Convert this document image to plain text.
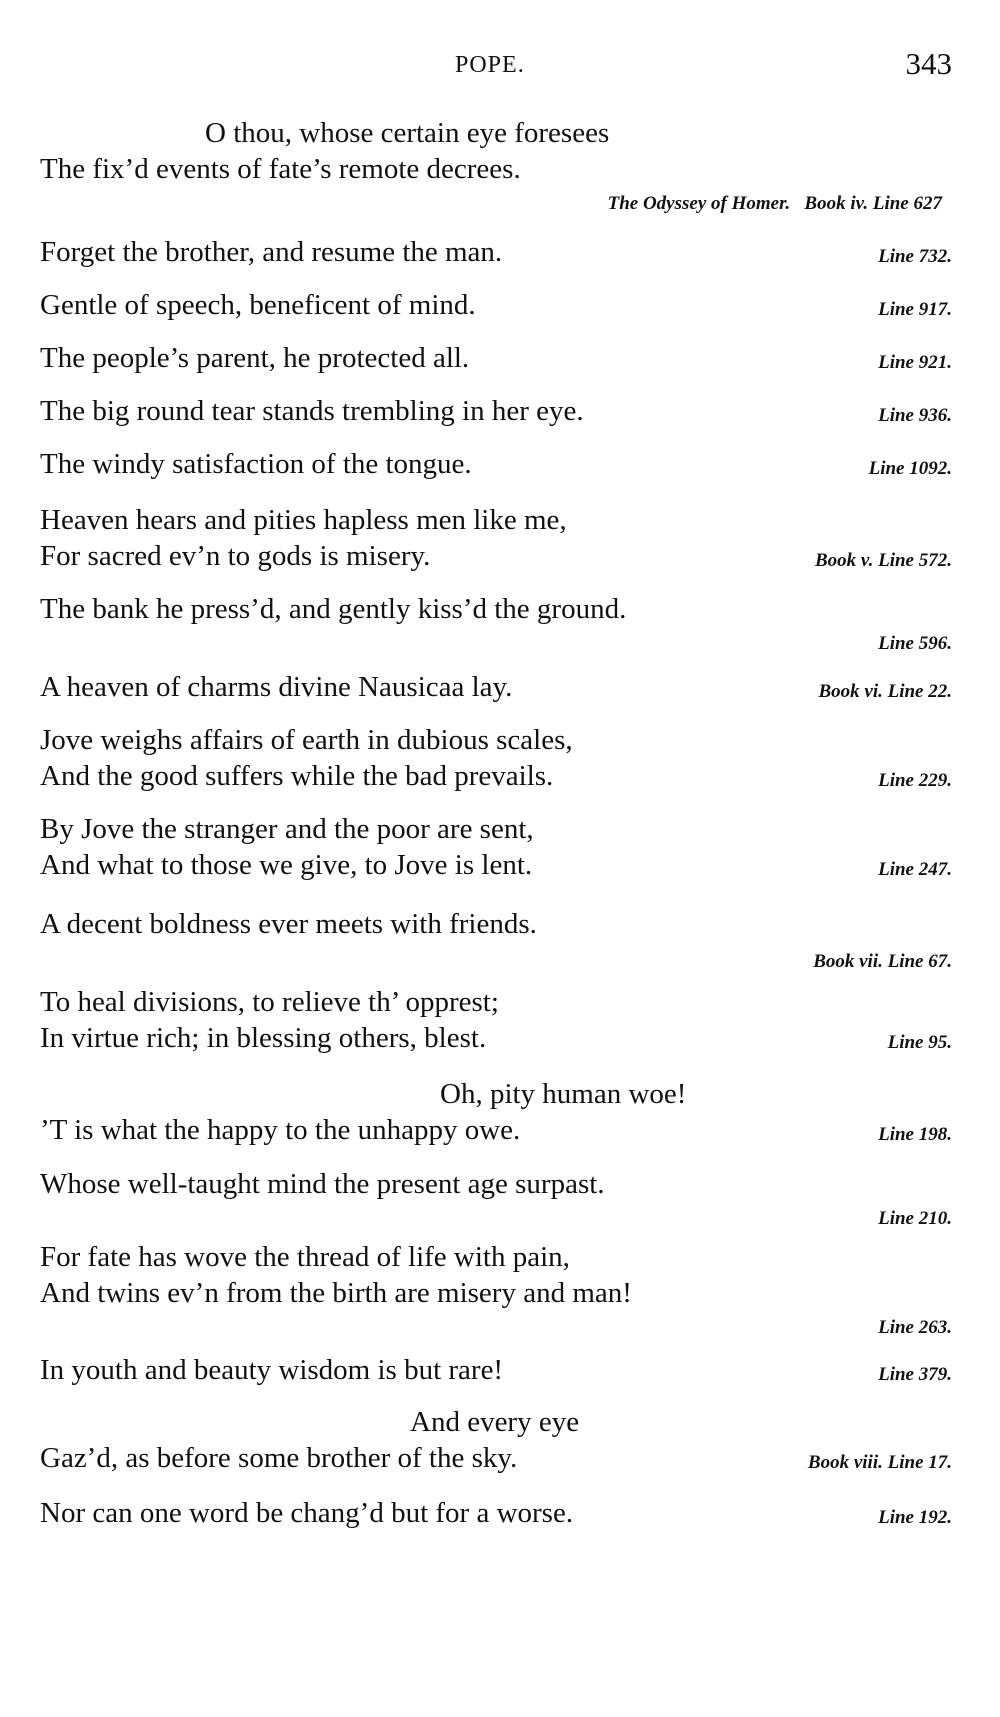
POPE.	343
O thou, whose certain eye foresees
The fix’d events of fate’s remote decrees.
The Odyssey of Homer.   Book iv. Line 627
Forget the brother, and resume the man.	Line 732.
Gentle of speech, beneficent of mind.	Line 917.
The people’s parent, he protected all.	Line 921.
The big round tear stands trembling in her eye.	Line 936.
The windy satisfaction of the tongue.	Line 1092.
Heaven hears and pities hapless men like me,
For sacred ev’n to gods is misery.	Book v. Line 572.
The bank he press’d, and gently kiss’d the ground.
Line 596.
A heaven of charms divine Nausicaa lay.	Book vi. Line 22.
Jove weighs affairs of earth in dubious scales,
And the good suffers while the bad prevails.	Line 229.
By Jove the stranger and the poor are sent,
And what to those we give, to Jove is lent.	Line 247.
A decent boldness ever meets with friends.
Book vii. Line 67.
To heal divisions, to relieve th’ opprest;
In virtue rich; in blessing others, blest.	Line 95.
Oh, pity human woe!
’T is what the happy to the unhappy owe.	Line 198.
Whose well-taught mind the present age surpast.
Line 210.
For fate has wove the thread of life with pain,
And twins ev’n from the birth are misery and man!
Line 263.
In youth and beauty wisdom is but rare!	Line 379.
And every eye
Gaz’d, as before some brother of the sky.	Book viii. Line 17.
Nor can one word be chang’d but for a worse.	Line 192.
